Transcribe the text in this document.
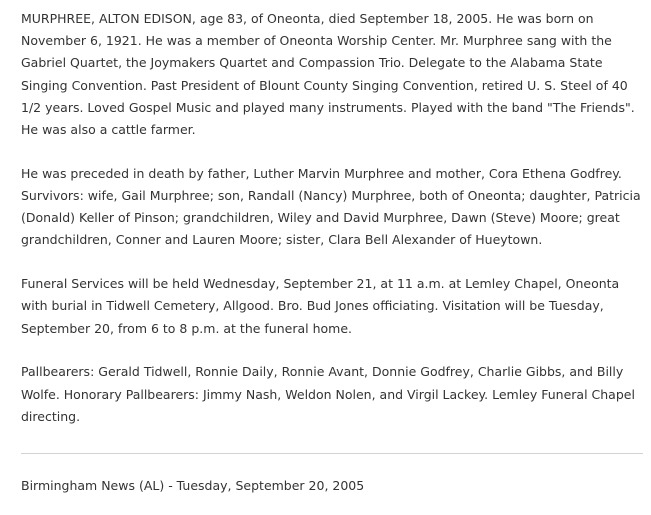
MURPHREE, ALTON EDISON, age 83, of Oneonta, died September 18, 2005. He was born on November 6, 1921. He was a member of Oneonta Worship Center. Mr. Murphree sang with the Gabriel Quartet, the Joymakers Quartet and Compassion Trio. Delegate to the Alabama State Singing Convention. Past President of Blount County Singing Convention, retired U. S. Steel of 40 1/2 years. Loved Gospel Music and played many instruments. Played with the band "The Friends". He was also a cattle farmer.

He was preceded in death by father, Luther Marvin Murphree and mother, Cora Ethena Godfrey. Survivors: wife, Gail Murphree; son, Randall (Nancy) Murphree, both of Oneonta; daughter, Patricia (Donald) Keller of Pinson; grandchildren, Wiley and David Murphree, Dawn (Steve) Moore; great grandchildren, Conner and Lauren Moore; sister, Clara Bell Alexander of Hueytown.

Funeral Services will be held Wednesday, September 21, at 11 a.m. at Lemley Chapel, Oneonta with burial in Tidwell Cemetery, Allgood. Bro. Bud Jones officiating. Visitation will be Tuesday, September 20, from 6 to 8 p.m. at the funeral home.

Pallbearers: Gerald Tidwell, Ronnie Daily, Ronnie Avant, Donnie Godfrey, Charlie Gibbs, and Billy Wolfe. Honorary Pallbearers: Jimmy Nash, Weldon Nolen, and Virgil Lackey. Lemley Funeral Chapel directing.

Birmingham News (AL) - Tuesday, September 20, 2005
